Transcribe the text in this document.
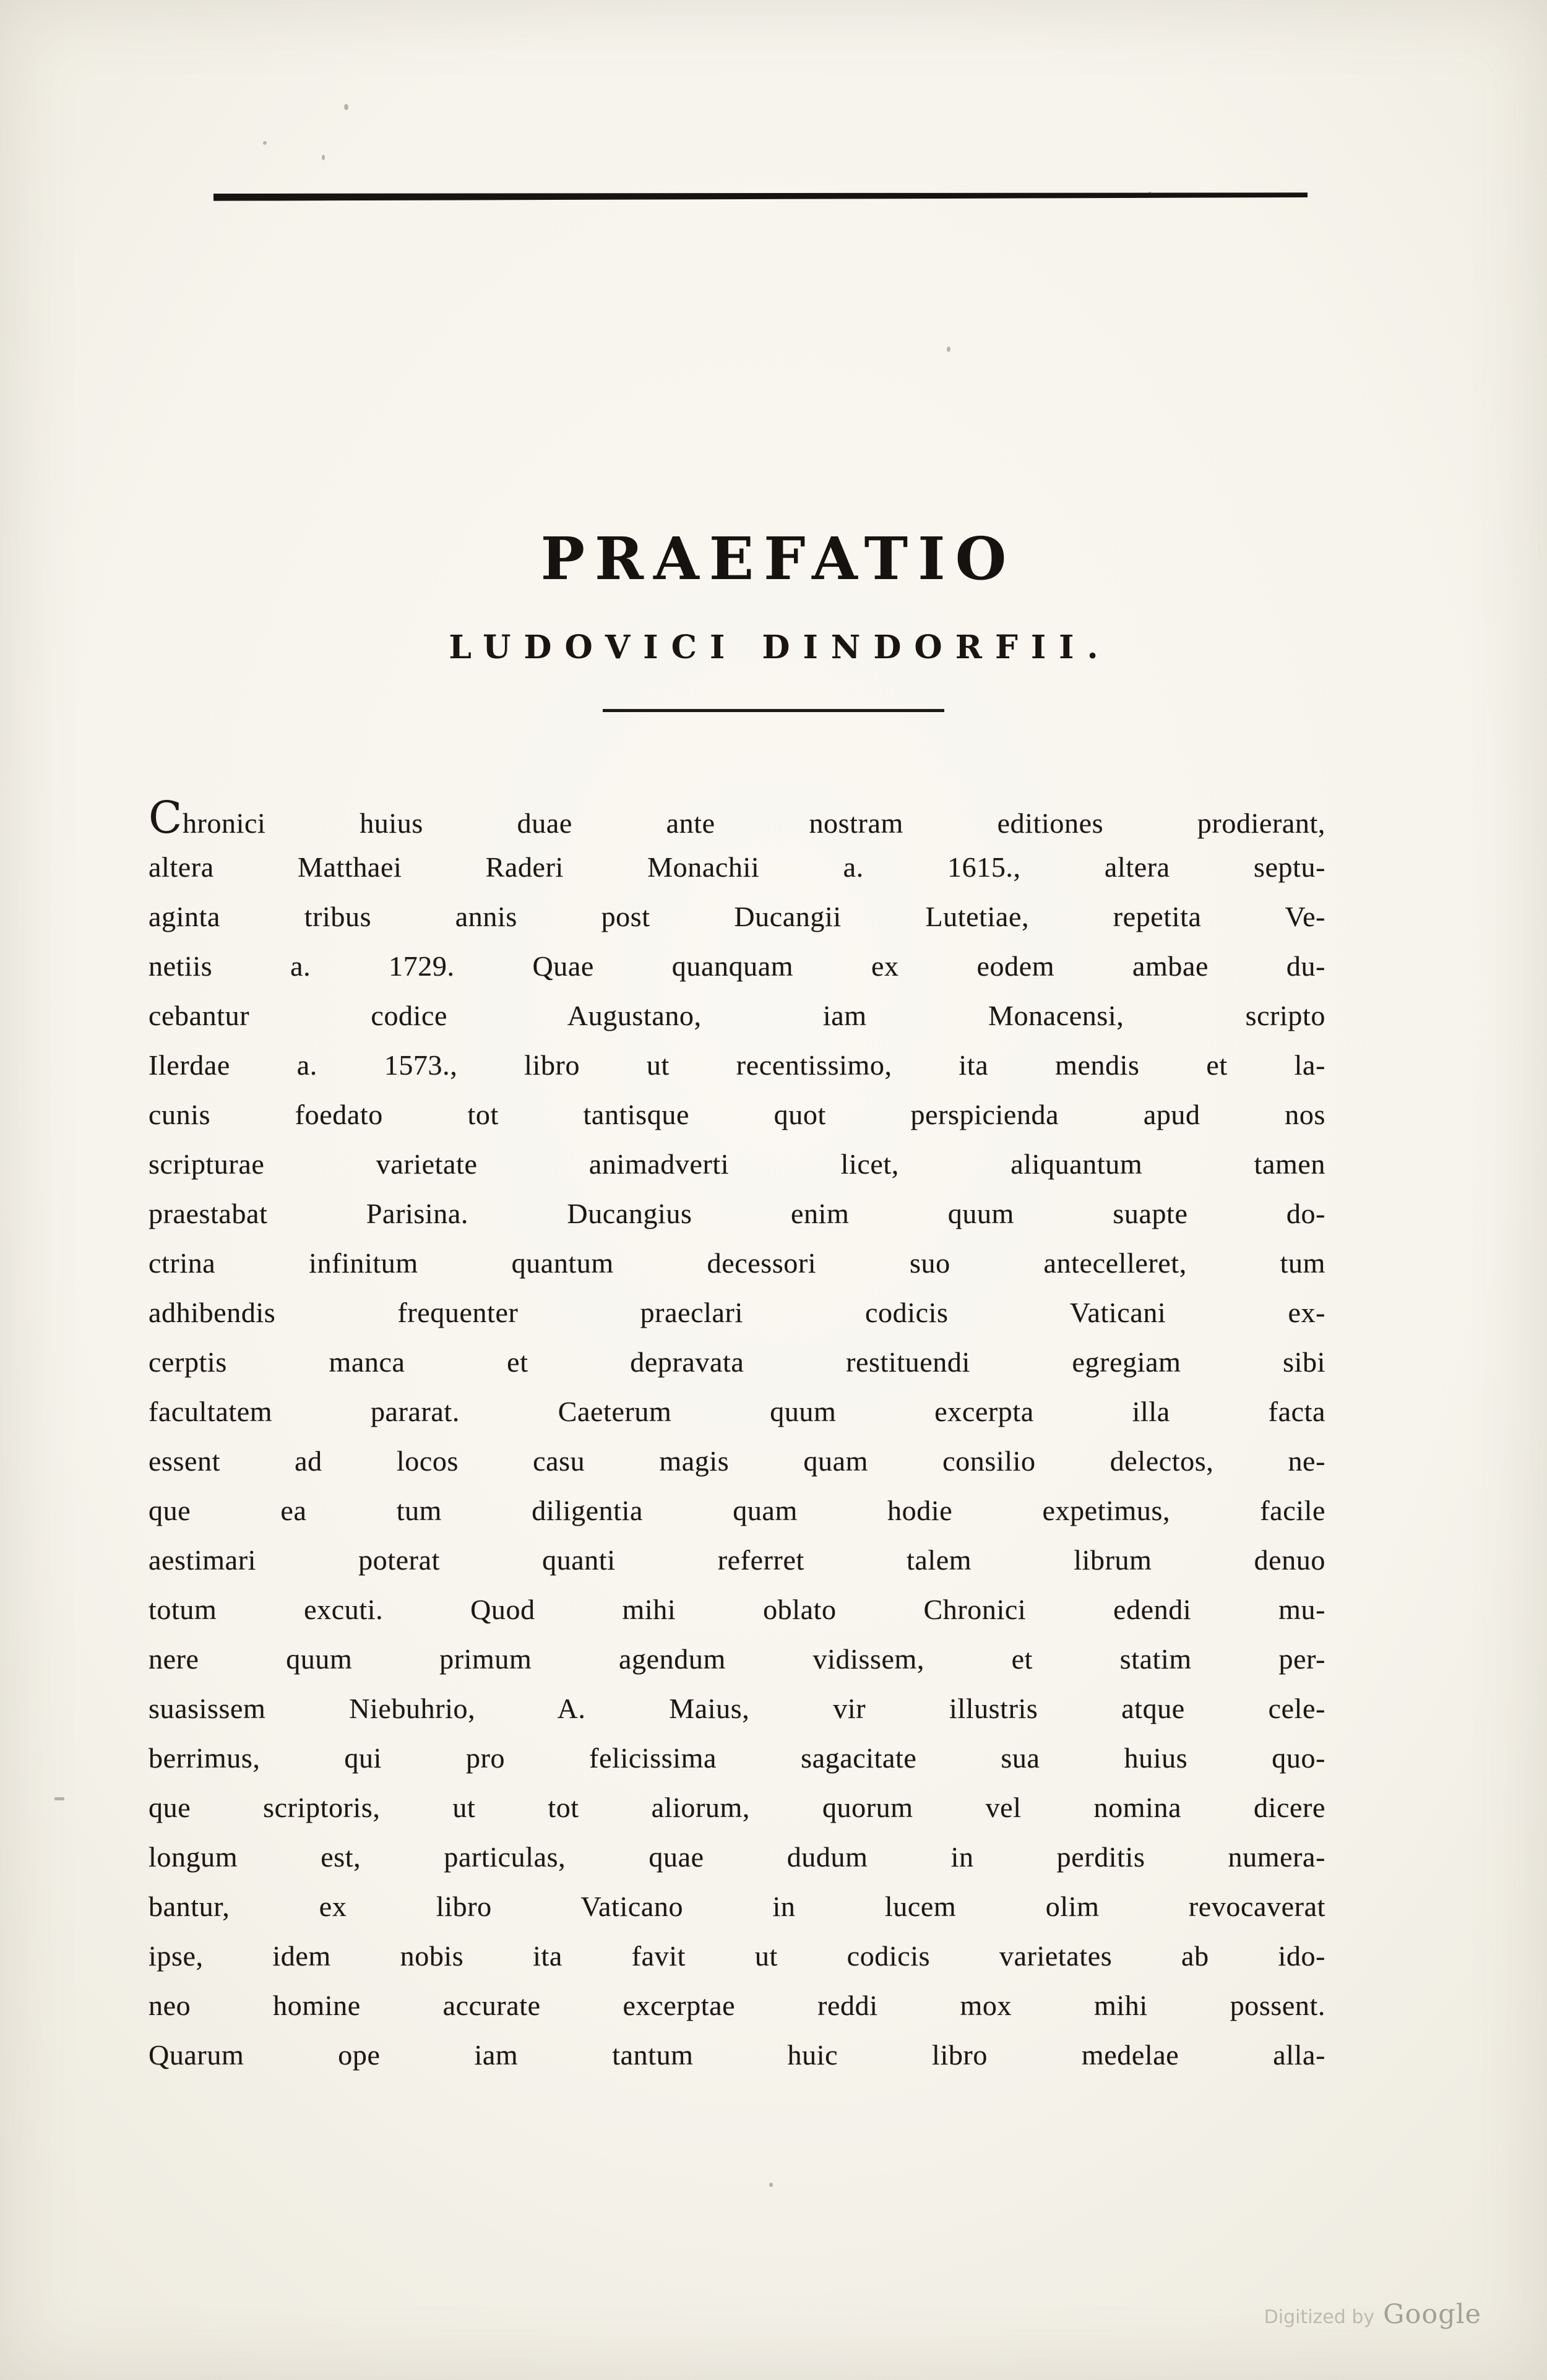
PRAEFATIO
LUDOVICI DINDORFII.
Chronici huius duae ante nostram editiones prodierant,
altera Matthaei Raderi Monachii a. 1615., altera septu-
aginta tribus annis post Ducangii Lutetiae, repetita Ve-
netiis a. 1729. Quae quanquam ex eodem ambae du-
cebantur codice Augustano, iam Monacensi, scripto
Ilerdae a. 1573., libro ut recentissimo, ita mendis et la-
cunis foedato tot tantisque quot perspicienda apud nos
scripturae varietate animadverti licet, aliquantum tamen
praestabat Parisina. Ducangius enim quum suapte do-
ctrina infinitum quantum decessori suo antecelleret, tum
adhibendis frequenter praeclari codicis Vaticani ex-
cerptis manca et depravata restituendi egregiam sibi
facultatem pararat. Caeterum quum excerpta illa facta
essent ad locos casu magis quam consilio delectos, ne-
que ea tum diligentia quam hodie expetimus, facile
aestimari poterat quanti referret talem librum denuo
totum excuti. Quod mihi oblato Chronici edendi mu-
nere quum primum agendum vidissem, et statim per-
suasissem Niebuhrio, A. Maius, vir illustris atque cele-
berrimus, qui pro felicissima sagacitate sua huius quo-
que scriptoris, ut tot aliorum, quorum vel nomina dicere
longum est, particulas, quae dudum in perditis numera-
bantur, ex libro Vaticano in lucem olim revocaverat
ipse, idem nobis ita favit ut codicis varietates ab ido-
neo homine accurate excerptae reddi mox mihi possent.
Quarum ope iam tantum huic libro medelae alla-
Digitized by Google
